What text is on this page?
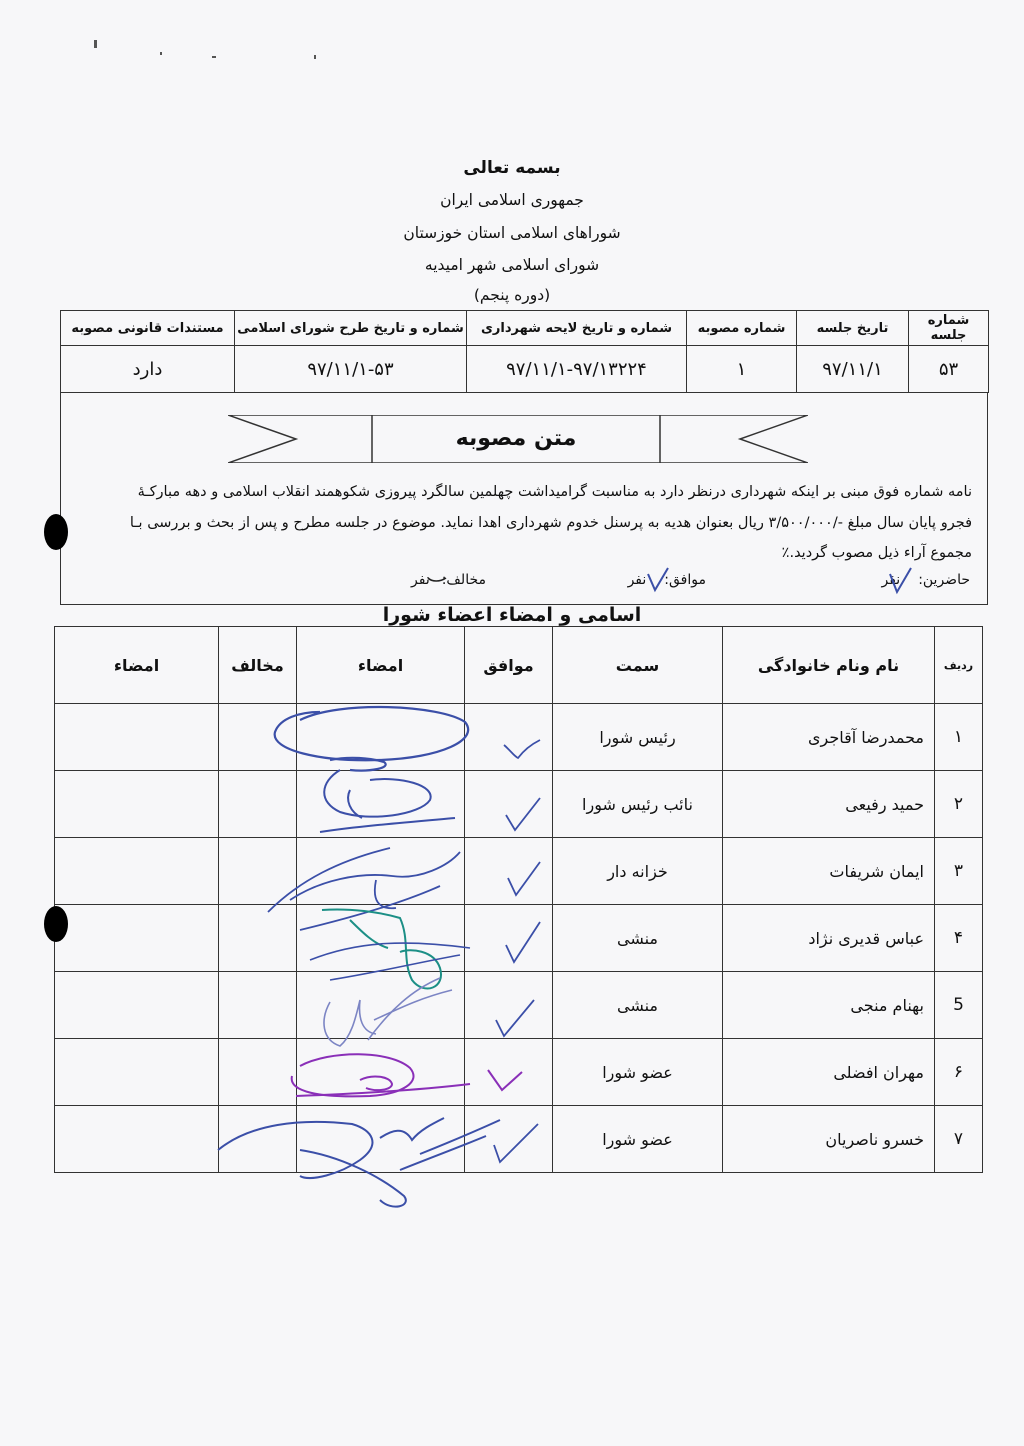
بسمه تعالی
جمهوری اسلامی ایران
شوراهای اسلامی استان خوزستان
شورای اسلامی شهر امیدیه
(دوره پنجم)
شماره جلسه	تاریخ جلسه	شماره مصوبه	شماره و تاریخ لایحه شهرداری	شماره و تاریخ طرح شورای اسلامی	مستندات قانونی مصوبه
۵۳	۹۷/۱۱/۱	۱	۹۷/۱۱/۱-۹۷/۱۳۲۲۴	۹۷/۱۱/۱-۵۳	دارد
متن مصوبه
نامه شماره فوق مبنی بر اینکه شهرداری درنظر دارد به مناسبت گرامیداشت چهلمین سالگرد پیروزی شکوهمند انقلاب اسلامی و دهه مبارکـهٔ
فجرو پایان سال مبلغ -/۳/۵۰۰/۰۰۰ ریال بعنوان هدیه به پرسنل خدوم شهرداری اهدا نماید. موضوع در جلسه مطرح و پس از بحث و بررسی بـا
مجموع آراء ذیل مصوب گردید.٪
حاضرین:نفر
موافق:نفر
مخالف:نفر
اسامی و امضاء اعضاء شورا
ردیف	نام ونام خانوادگی	سمت	موافق	امضاء	مخالف	امضاء
۱	محمدرضا آقاجری	رئیس شورا				
۲	حمید رفیعی	نائب رئیس شورا				
۳	ایمان شریفات	خزانه دار				
۴	عباس قدیری نژاد	منشی				
5	بهنام منجی	منشی				
۶	مهران افضلی	عضو شورا				
۷	خسرو ناصریان	عضو شورا				
